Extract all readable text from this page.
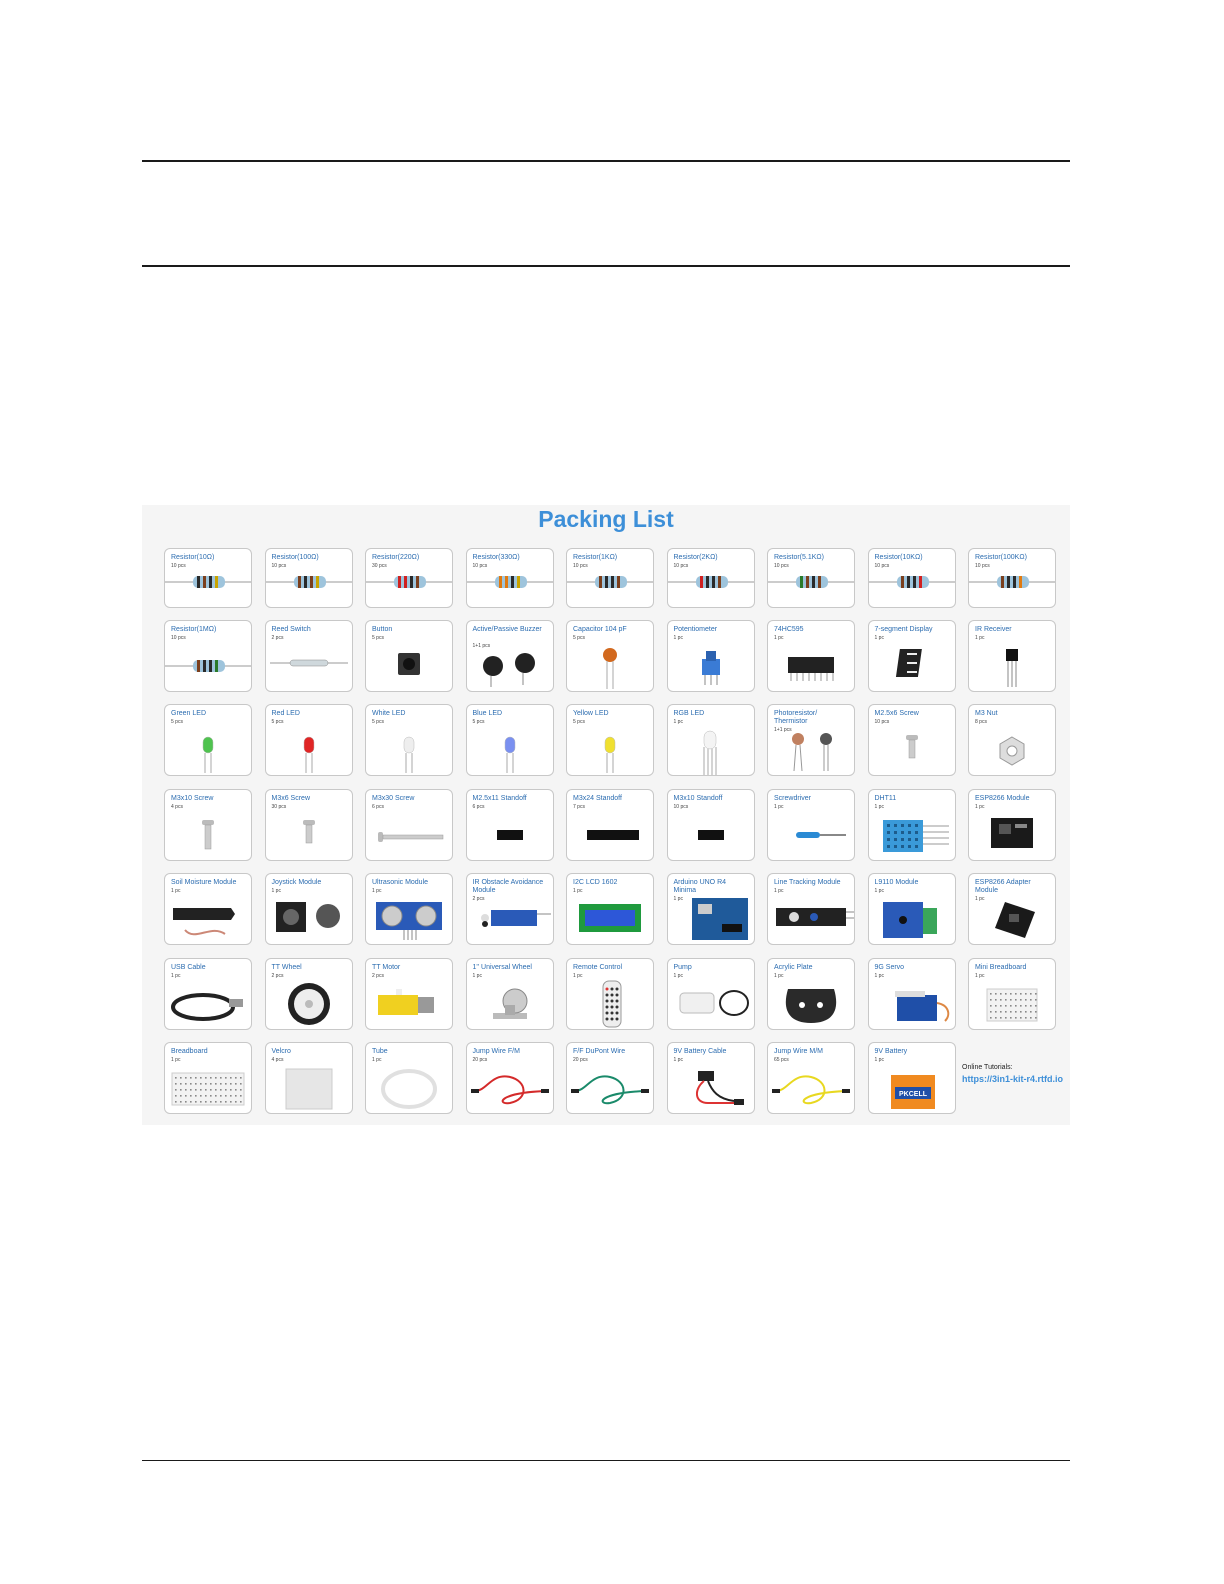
Packing List
Resistor(10Ω)
10 pcs
Resistor(100Ω)
10 pcs
Resistor(220Ω)
30 pcs
Resistor(330Ω)
10 pcs
Resistor(1KΩ)
10 pcs
Resistor(2KΩ)
10 pcs
Resistor(5.1KΩ)
10 pcs
Resistor(10KΩ)
10 pcs
Resistor(100KΩ)
10 pcs
Resistor(1MΩ)
10 pcs
Reed Switch
2 pcs
Button
5 pcs
Active/Passive Buzzer
1+1 pcs
Capacitor 104 pF
5 pcs
Potentiometer
1 pc
74HC595
1 pc
7-segment Display
1 pc
IR Receiver
1 pc
Green LED
5 pcs
Red LED
5 pcs
White LED
5 pcs
Blue LED
5 pcs
Yellow LED
5 pcs
RGB LED
1 pc
Photoresistor/ Thermistor
1+1 pcs
M2.5x6 Screw
10 pcs
M3 Nut
8 pcs
M3x10 Screw
4 pcs
M3x6 Screw
30 pcs
M3x30 Screw
6 pcs
M2.5x11 Standoff
6 pcs
M3x24 Standoff
7 pcs
M3x10 Standoff
10 pcs
Screwdriver
1 pc
DHT11
1 pc
ESP8266 Module
1 pc
Soil Moisture Module
1 pc
Joystick Module
1 pc
Ultrasonic Module
1 pc
IR Obstacle Avoidance Module
2 pcs
I2C LCD 1602
1 pc
Arduino UNO R4 Minima
1 pc
Line Tracking Module
1 pc
L9110 Module
1 pc
ESP8266 Adapter Module
1 pc
USB Cable
1 pc
TT Wheel
2 pcs
TT Motor
2 pcs
1'' Universal Wheel
1 pc
Remote Control
1 pc
Pump
1 pc
Acrylic Plate
1 pc
9G Servo
1 pc
Mini Breadboard
1 pc
Breadboard
1 pc
Velcro
4 pcs
Tube
1 pc
Jump Wire F/M
20 pcs
F/F DuPont Wire
20 pcs
9V Battery Cable
1 pc
Jump Wire M/M
65 pcs
9V Battery
1 pc
PKCELL
Online Tutorials:
https://3in1-kit-r4.rtfd.io
